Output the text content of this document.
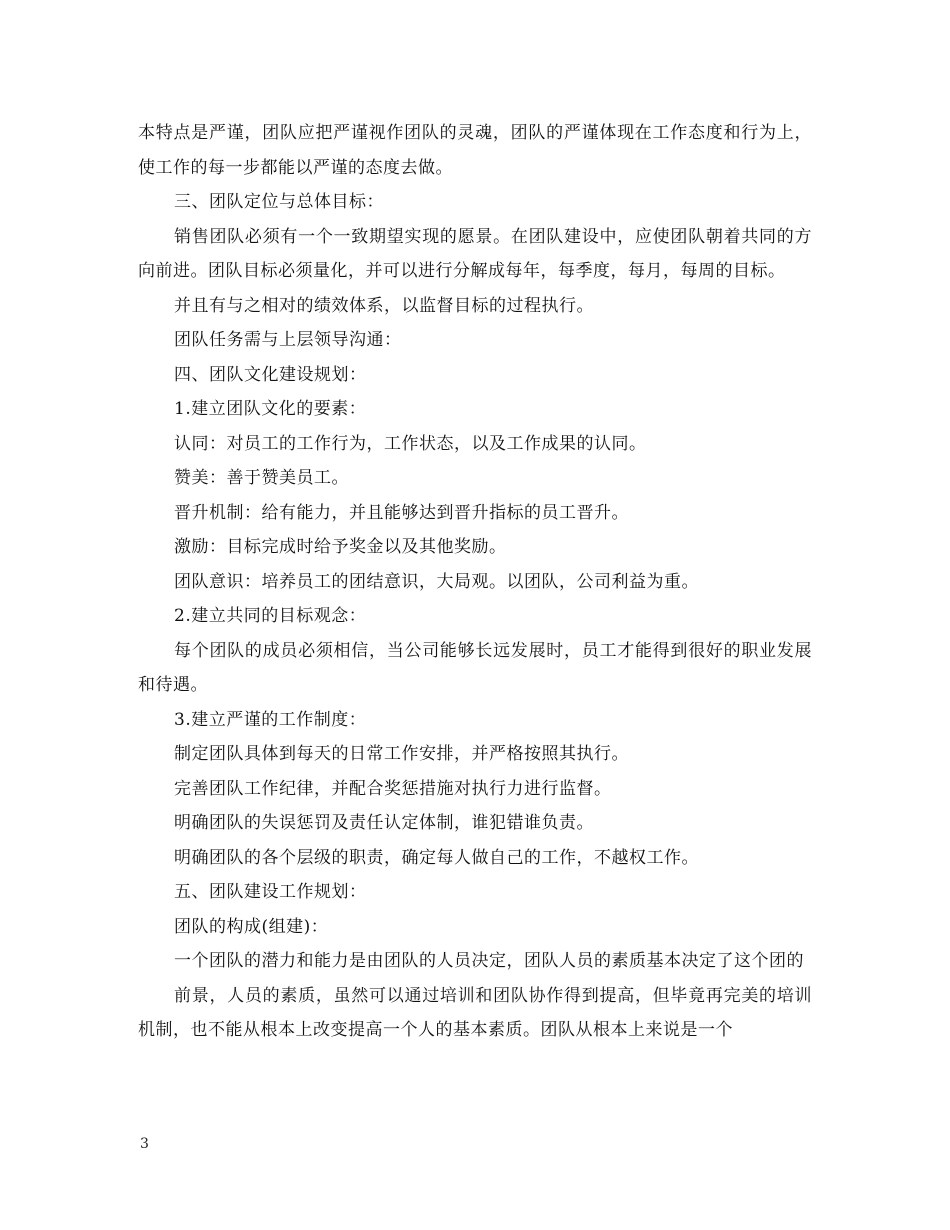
本特点是严谨，团队应把严谨视作团队的灵魂，团队的严谨体现在工作态度和行为上，使工作的每一步都能以严谨的态度去做。

三、团队定位与总体目标：

销售团队必须有一个一致期望实现的愿景。在团队建设中，应使团队朝着共同的方向前进。团队目标必须量化，并可以进行分解成每年，每季度，每月，每周的目标。

并且有与之相对的绩效体系，以监督目标的过程执行。

团队任务需与上层领导沟通：

四、团队文化建设规划：

1.建立团队文化的要素：

认同：对员工的工作行为，工作状态，以及工作成果的认同。

赞美：善于赞美员工。

晋升机制：给有能力，并且能够达到晋升指标的员工晋升。

激励：目标完成时给予奖金以及其他奖励。

团队意识：培养员工的团结意识，大局观。以团队，公司利益为重。

2.建立共同的目标观念：

每个团队的成员必须相信，当公司能够长远发展时，员工才能得到很好的职业发展和待遇。

3.建立严谨的工作制度：

制定团队具体到每天的日常工作安排，并严格按照其执行。

完善团队工作纪律，并配合奖惩措施对执行力进行监督。

明确团队的失误惩罚及责任认定体制，谁犯错谁负责。

明确团队的各个层级的职责，确定每人做自己的工作，不越权工作。

五、团队建设工作规划：

团队的构成(组建)：

一个团队的潜力和能力是由团队的人员决定，团队人员的素质基本决定了这个团的

前景，人员的素质，虽然可以通过培训和团队协作得到提高，但毕竟再完美的培训机制，也不能从根本上改变提高一个人的基本素质。团队从根本上来说是一个

3
